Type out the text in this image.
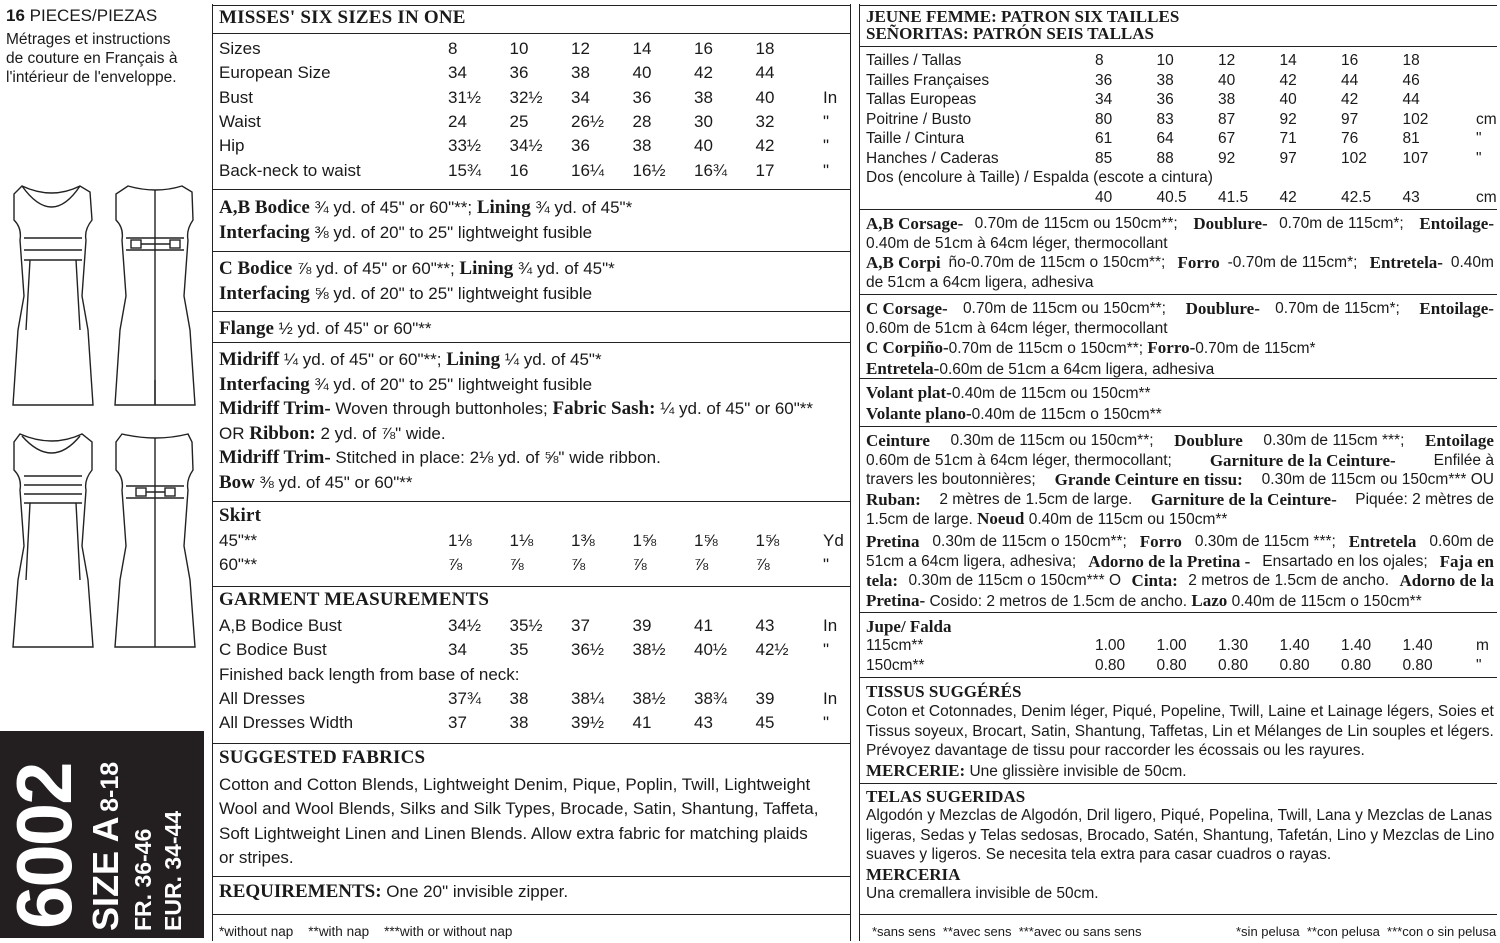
16 PIECES/PIEZAS
Métrages et instructions
de couture en Français à
l'intérieur de l'enveloppe.
6002
SIZE A 8-18
FR. 36-46 EUR. 34-44
MISSES' SIX SIZES IN ONE
Sizes	8	10	12	14	16	18
European Size	34	36	38	40	42	44
Bust	31½ 32½ 34	36	38	40	In
Waist	24	25	26½ 28	30	32	"
Hip	33½ 34½ 36	38	40	42	"
Back-neck to waist	15¾ 16	16¼ 16½ 16¾ 17	"
A,B Bodice ¾ yd. of 45" or 60"**; Lining ¾ yd. of 45"*
Interfacing ⅜ yd. of 20" to 25" lightweight fusible
C Bodice ⅞ yd. of 45" or 60"**; Lining ¾ yd. of 45"*
Interfacing ⅝ yd. of 20" to 25" lightweight fusible
Flange ½ yd. of 45" or 60"**
Midriff ¼ yd. of 45" or 60"**; Lining ¼ yd. of 45"*
Interfacing ¾ yd. of 20" to 25" lightweight fusible
Midriff Trim- Woven through buttonholes; Fabric Sash: ¼ yd. of 45" or 60"**
OR Ribbon: 2 yd. of ⅞" wide.
Midriff Trim- Stitched in place: 2⅛ yd. of ⅝" wide ribbon.
Bow ⅜ yd. of 45" or 60"**
Skirt
45"**	1⅛ 1⅛ 1⅜ 1⅝ 1⅝ 1⅝	Yd
60"**	⅞	⅞	⅞	⅞	⅞	⅞	"
GARMENT MEASUREMENTS
A,B Bodice Bust	34½ 35½ 37	39	41	43	In
C Bodice Bust	34	35	36½ 38½ 40½ 42½ "
Finished back length from base of neck:
All Dresses	37¾ 38	38¼ 38½ 38¾ 39	In
All Dresses Width	37	38	39½ 41	43	45	"
SUGGESTED FABRICS
Cotton and Cotton Blends, Lightweight Denim, Pique, Poplin, Twill, Lightweight
Wool and Wool Blends, Silks and Silk Types, Brocade, Satin, Shantung, Taffeta,
Soft Lightweight Linen and Linen Blends. Allow extra fabric for matching plaids
or stripes.
REQUIREMENTS: One 20" invisible zipper.
*without nap    **with nap    ***with or without nap
JEUNE FEMME: PATRON SIX TAILLES
SEÑORITAS: PATRÓN SEIS TALLAS
Tailles / Tallas	8	10	12	14	16	18
Tailles Françaises	36	38	40	42	44	46
Tallas Europeas	34	36	38	40	42	44
Poitrine / Busto	80	83	87	92	97	102	cm
Taille / Cintura	61	64	67	71	76	81	"
Hanches / Caderas	85	88	92	97	102 107	"
Dos (encolure à Taille) / Espalda (escote a cintura)
40	40.5 41.5 42	42.5 43	cm
A,B Corsage- 0.70m de 115cm ou 150cm**; Doublure- 0.70m de 115cm*; Entoilage-
0.40m de 51cm à 64cm léger, thermocollant
A,B Corpi ño-0.70m de 115cm o 150cm**; Forro -0.70m de 115cm*; Entretela- 0.40m
de 51cm a 64cm ligera, adhesiva
C Corsage- 0.70m de 115cm ou 150cm**; Doublure- 0.70m de 115cm*; Entoilage-
0.60m de 51cm à 64cm léger, thermocollant
C Corpiño-0.70m de 115cm o 150cm**; Forro-0.70m de 115cm*
Entretela-0.60m de 51cm a 64cm ligera, adhesiva
Volant plat-0.40m de 115cm ou 150cm**
Volante plano-0.40m de 115cm o 150cm**
Ceinture 0.30m de 115cm ou 150cm**; Doublure 0.30m de 115cm ***; Entoilage
0.60m de 51cm à 64cm léger, thermocollant; Garniture de la Ceinture- Enfilée à
travers les boutonnières; Grande Ceinture en tissu: 0.30m de 115cm ou 150cm*** OU
Ruban: 2 mètres de 1.5cm de large. Garniture de la Ceinture- Piquée: 2 mètres de
1.5cm de large. Noeud 0.40m de 115cm ou 150cm**
Pretina 0.30m de 115cm o 150cm**; Forro 0.30m de 115cm ***; Entretela 0.60m de
51cm a 64cm ligera, adhesiva; Adorno de la Pretina - Ensartado en los ojales; Faja en
tela: 0.30m de 115cm o 150cm*** O Cinta: 2 metros de 1.5cm de ancho. Adorno de la
Pretina- Cosido: 2 metros de 1.5cm de ancho. Lazo 0.40m de 115cm o 150cm**
Jupe/ Falda
115cm**	1.00 1.00 1.30 1.40 1.40 1.40	m
150cm**	0.80 0.80 0.80 0.80 0.80 0.80	"
TISSUS SUGGÉRÉS
Coton et Cotonnades, Denim léger, Piqué, Popeline, Twill, Laine et Lainage légers, Soies et
Tissus soyeux, Brocart, Satin, Shantung, Taffetas, Lin et Mélanges de Lin souples et légers.
Prévoyez davantage de tissu pour raccorder les écossais ou les rayures.
MERCERIE: Une glissière invisible de 50cm.
TELAS SUGERIDAS
Algodón y Mezclas de Algodón, Dril ligero, Piqué, Popelina, Twill, Lana y Mezclas de Lanas
ligeras, Sedas y Telas sedosas, Brocado, Satén, Shantung, Tafetán, Lino y Mezclas de Lino
suaves y ligeros. Se necesita tela extra para casar cuadros o rayas.
MERCERIA
Una cremallera invisible de 50cm.
*sans sens  **avec sens  ***avec ou sans sens	*sin pelusa  **con pelusa  ***con o sin pelusa
